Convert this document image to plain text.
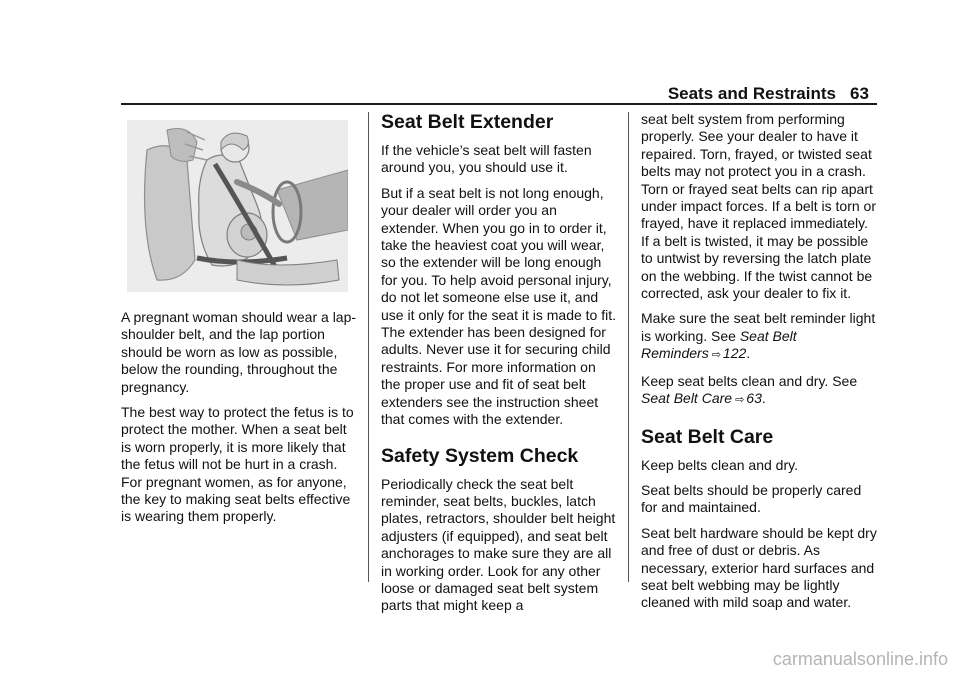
Seats and Restraints 63

A pregnant woman should wear a lap-shoulder belt, and the lap portion should be worn as low as possible, below the rounding, throughout the pregnancy.

The best way to protect the fetus is to protect the mother. When a seat belt is worn properly, it is more likely that the fetus will not be hurt in a crash. For pregnant women, as for anyone, the key to making seat belts effective is wearing them properly.

Seat Belt Extender

If the vehicle’s seat belt will fasten around you, you should use it.

But if a seat belt is not long enough, your dealer will order you an extender. When you go in to order it, take the heaviest coat you will wear, so the extender will be long enough for you. To help avoid personal injury, do not let someone else use it, and use it only for the seat it is made to fit. The extender has been designed for adults. Never use it for securing child restraints. For more information on the proper use and fit of seat belt extenders see the instruction sheet that comes with the extender.

Safety System Check

Periodically check the seat belt reminder, seat belts, buckles, latch plates, retractors, shoulder belt height adjusters (if equipped), and seat belt anchorages to make sure they are all in working order. Look for any other loose or damaged seat belt system parts that might keep a

seat belt system from performing properly. See your dealer to have it repaired. Torn, frayed, or twisted seat belts may not protect you in a crash. Torn or frayed seat belts can rip apart under impact forces. If a belt is torn or frayed, have it replaced immediately. If a belt is twisted, it may be possible to untwist by reversing the latch plate on the webbing. If the twist cannot be corrected, ask your dealer to fix it.

Make sure the seat belt reminder light is working. See Seat Belt Reminders ⇨ 122.

Keep seat belts clean and dry. See Seat Belt Care ⇨ 63.

Seat Belt Care

Keep belts clean and dry.

Seat belts should be properly cared for and maintained.

Seat belt hardware should be kept dry and free of dust or debris. As necessary, exterior hard surfaces and seat belt webbing may be lightly cleaned with mild soap and water.

carmanualsonline.info
